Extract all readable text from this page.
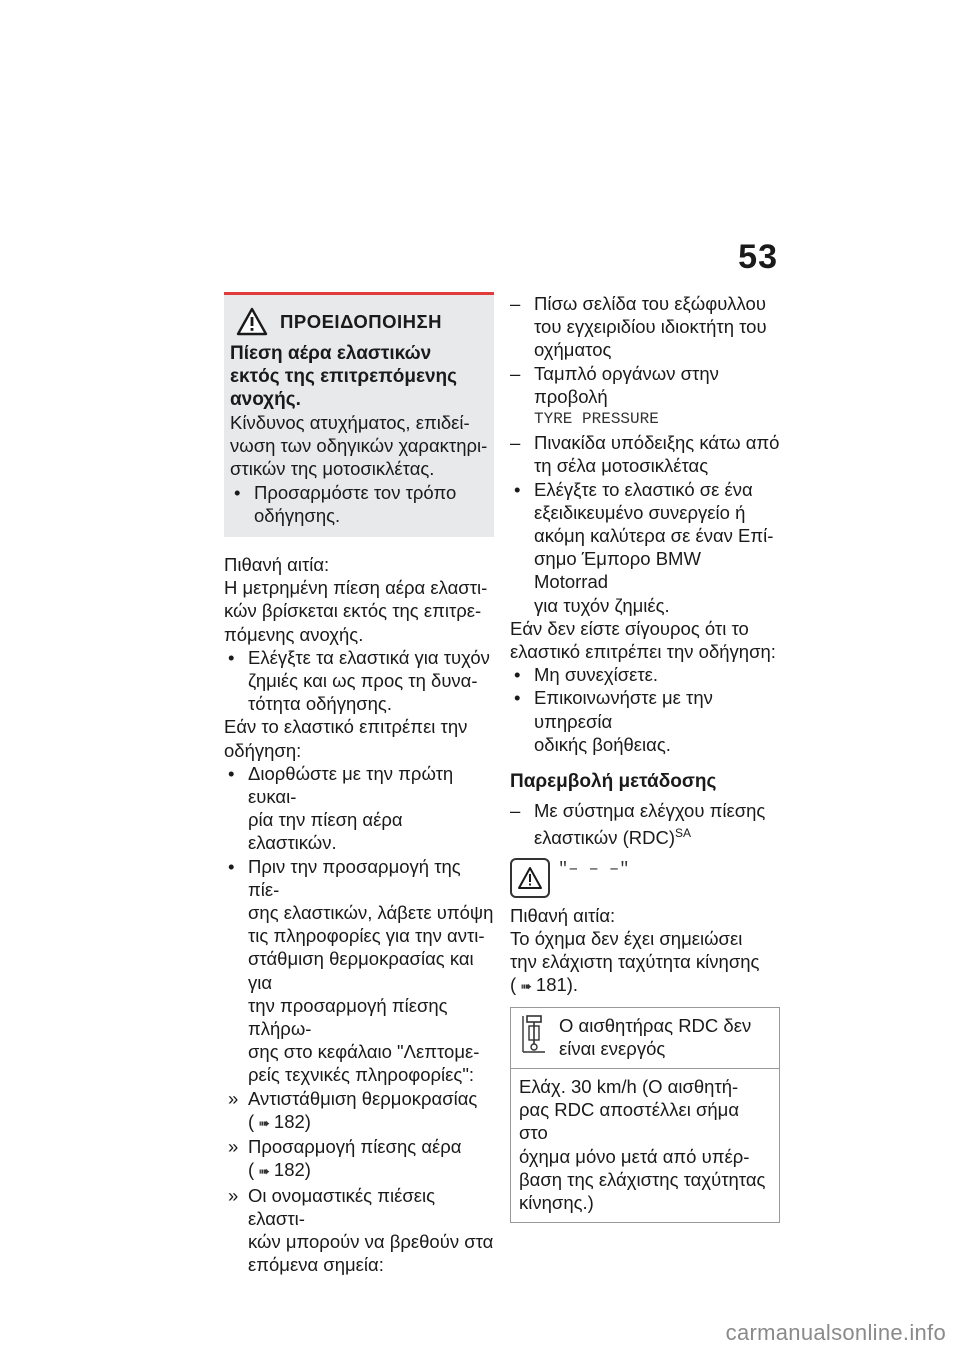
53
ΠΡΟΕΙΔΟΠΟΙΗΣΗ
Πίεση αέρα ελαστικών
εκτός της επιτρεπόμενης
ανοχής.
Κίνδυνος ατυχήματος, επιδεί-
νωση των οδηγικών χαρακτηρι-
στικών της μοτοσικλέτας.
• Προσαρμόστε τον τρόπο
οδήγησης.

Πιθανή αιτία:

Η μετρημένη πίεση αέρα ελαστι-
κών βρίσκεται εκτός της επιτρε-
πόμενης ανοχής.
• Ελέγξτε τα ελαστικά για τυχόν
ζημιές και ως προς τη δυνα-
τότητα οδήγησης.
Εάν το ελαστικό επιτρέπει την
οδήγηση:
• Διορθώστε με την πρώτη ευκαι-
ρία την πίεση αέρα ελαστικών.
• Πριν την προσαρμογή της πίε-
σης ελαστικών, λάβετε υπόψη
τις πληροφορίες για την αντι-
στάθμιση θερμοκρασίας και για
την προσαρμογή πίεσης πλήρω-
σης στο κεφάλαιο "Λεπτομε-
ρείς τεχνικές πληροφορίες":
» Αντιστάθμιση θερμοκρασίας
( ➠ 182)
» Προσαρμογή πίεσης αέρα
( ➠ 182)
» Οι ονομαστικές πιέσεις ελαστι-
κών μπορούν να βρεθούν στα
επόμενα σημεία:
– Πίσω σελίδα του εξώφυλλου
του εγχειριδίου ιδιοκτήτη του
οχήματος
– Ταμπλό οργάνων στην προβολή
TYRE PRESSURE
– Πινακίδα υπόδειξης κάτω από
τη σέλα μοτοσικλέτας
• Ελέγξτε το ελαστικό σε ένα
εξειδικευμένο συνεργείο ή
ακόμη καλύτερα σε έναν Επί-
σημο Έμπορο BMW Motorrad
για τυχόν ζημιές.
Εάν δεν είστε σίγουρος ότι το
ελαστικό επιτρέπει την οδήγηση:
• Μη συνεχίσετε.
• Επικοινωνήστε με την υπηρεσία
οδικής βοήθειας.
Παρεμβολή μετάδοσης
– Με σύστημα ελέγχου πίεσης
ελαστικών (RDC)$^{SA}$
"– – –"

Πιθανή αιτία:

Το όχημα δεν έχει σημειώσει
την ελάχιστη ταχύτητα κίνησης
( ➠ 181).
Ο αισθητήρας RDC δεν
είναι ενεργός
Ελάχ. 30 km/h (Ο αισθητή-
ρας RDC αποστέλλει σήμα στο
όχημα μόνο μετά από υπέρ-
βαση της ελάχιστης ταχύτητας
κίνησης.)
carmanualsonline.info
